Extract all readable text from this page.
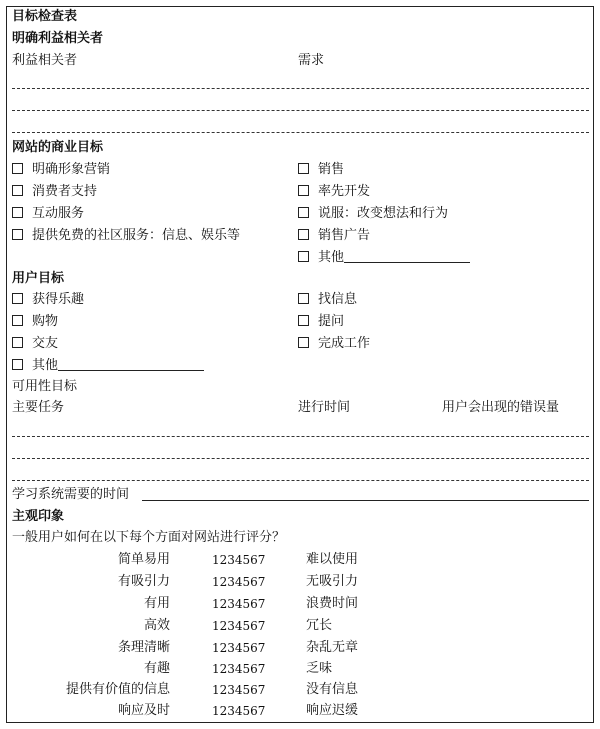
目标检查表
明确利益相关者
利益相关者	需求
网站的商业目标
明确形象营销
消费者支持
互动服务
提供免费的社区服务：信息、娱乐等
销售
率先开发
说服：改变想法和行为
销售广告
其他
用户目标
获得乐趣
购物
交友
其他
找信息
提问
完成工作
可用性目标
主要任务	进行时间	用户会出现的错误量
学习系统需要的时间
主观印象
一般用户如何在以下每个方面对网站进行评分？
简单易用	1234567	难以使用
有吸引力	1234567	无吸引力
有用	1234567	浪费时间
高效	1234567	冗长
条理清晰	1234567	杂乱无章
有趣	1234567	乏味
提供有价值的信息	1234567	没有信息
响应及时	1234567	响应迟缓
